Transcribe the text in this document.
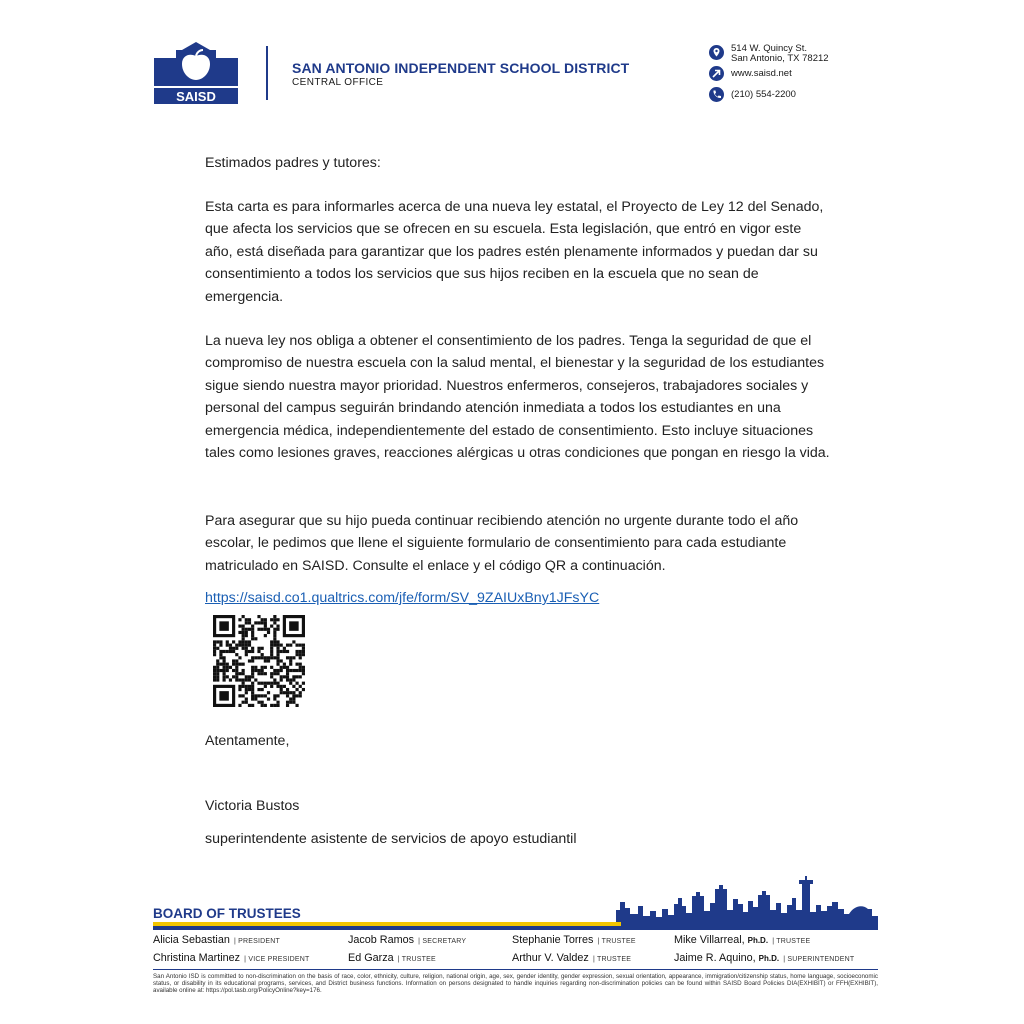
SAISD
SAN ANTONIO INDEPENDENT SCHOOL DISTRICT
CENTRAL OFFICE
514 W. Quincy St.
San Antonio, TX 78212
www.saisd.net
(210) 554-2200
Estimados padres y tutores:
Esta carta es para informarles acerca de una nueva ley estatal, el Proyecto de Ley 12 del Senado, que afecta los servicios que se ofrecen en su escuela. Esta legislación, que entró en vigor este año, está diseñada para garantizar que los padres estén plenamente informados y puedan dar su consentimiento a todos los servicios que sus hijos reciben en la escuela que no sean de emergencia.
La nueva ley nos obliga a obtener el consentimiento de los padres. Tenga la seguridad de que el compromiso de nuestra escuela con la salud mental, el bienestar y la seguridad de los estudiantes sigue siendo nuestra mayor prioridad. Nuestros enfermeros, consejeros, trabajadores sociales y personal del campus seguirán brindando atención inmediata a todos los estudiantes en una emergencia médica, independientemente del estado de consentimiento. Esto incluye situaciones tales como lesiones graves, reacciones alérgicas u otras condiciones que pongan en riesgo la vida.
Para asegurar que su hijo pueda continuar recibiendo atención no urgente durante todo el año escolar, le pedimos que llene el siguiente formulario de consentimiento para cada estudiante matriculado en SAISD. Consulte el enlace y el código QR a continuación.
https://saisd.co1.qualtrics.com/jfe/form/SV_9ZAIUxBny1JFsYC
Atentamente,
Victoria Bustos
superintendente asistente de servicios de apoyo estudiantil
BOARD OF TRUSTEES
Alicia Sebastian | PRESIDENT	Jacob Ramos | SECRETARY	Stephanie Torres | TRUSTEE	Mike Villarreal, Ph.D. | TRUSTEE
Christina Martinez | VICE PRESIDENT	Ed Garza | TRUSTEE	Arthur V. Valdez | TRUSTEE	Jaime R. Aquino, Ph.D. | SUPERINTENDENT
San Antonio ISD is committed to non-discrimination on the basis of race, color, ethnicity, culture, religion, national origin, age, sex, gender identity, gender expression, sexual orientation, appearance, immigration/citizenship status, home language, socioeconomic status, or disability in its educational programs, services, and District business functions. Information on persons designated to handle inquiries regarding non-discrimination policies can be found within SAISD Board Policies DIA(EXHIBIT) or FFH(EXHIBIT), available online at: https://pol.tasb.org/PolicyOnline?key=176.
